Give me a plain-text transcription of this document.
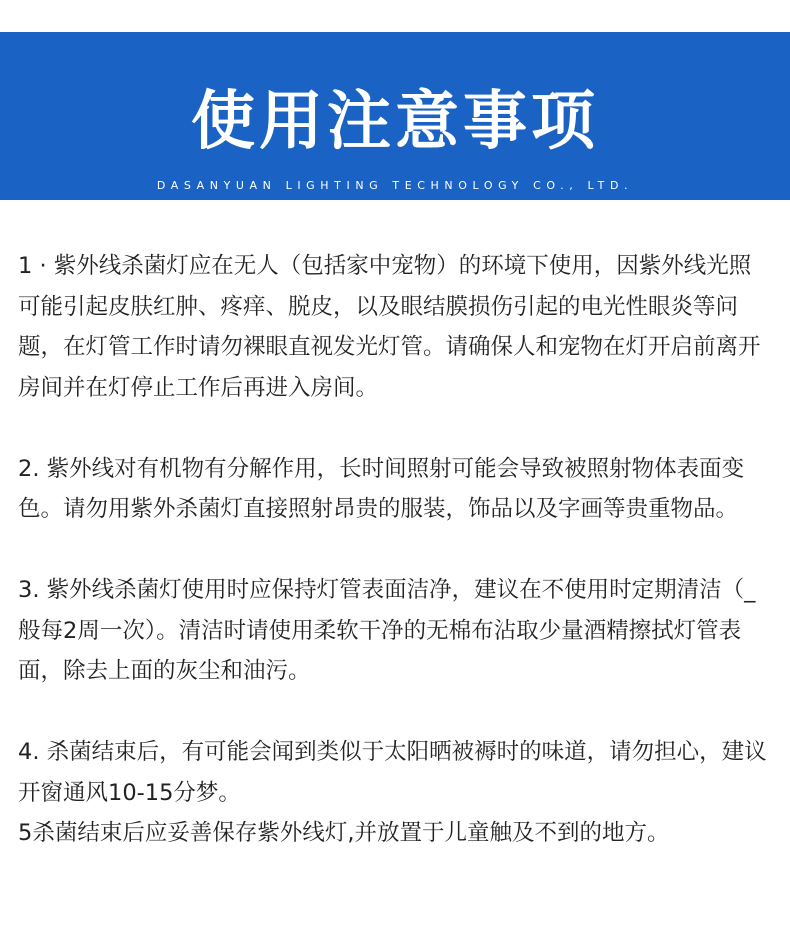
使用注意事项
DASANYUAN LIGHTING TECHNOLOGY CO., LTD.

1 · 紫外线杀菌灯应在无人（包括家中宠物）的环境下使用，因紫外线光照可能引起皮肤红肿、疼痒、脱皮，以及眼结膜损伤引起的电光性眼炎等问题，在灯管工作时请勿裸眼直视发光灯管。请确保人和宠物在灯开启前离开房间并在灯停止工作后再进入房间。

2. 紫外线对有机物有分解作用，长时间照射可能会导致被照射物体表面变色。请勿用紫外杀菌灯直接照射昂贵的服装，饰品以及字画等贵重物品。

3. 紫外线杀菌灯使用时应保持灯管表面洁净，建议在不使用时定期清洁（_般每2周一次）。清洁时请使用柔软干净的无棉布沾取少量酒精擦拭灯管表面，除去上面的灰尘和油污。

4. 杀菌结束后，有可能会闻到类似于太阳晒被褥时的味道，请勿担心，建议开窗通风10-15分梦。

5杀菌结束后应妥善保存紫外线灯,并放置于儿童触及不到的地方。
